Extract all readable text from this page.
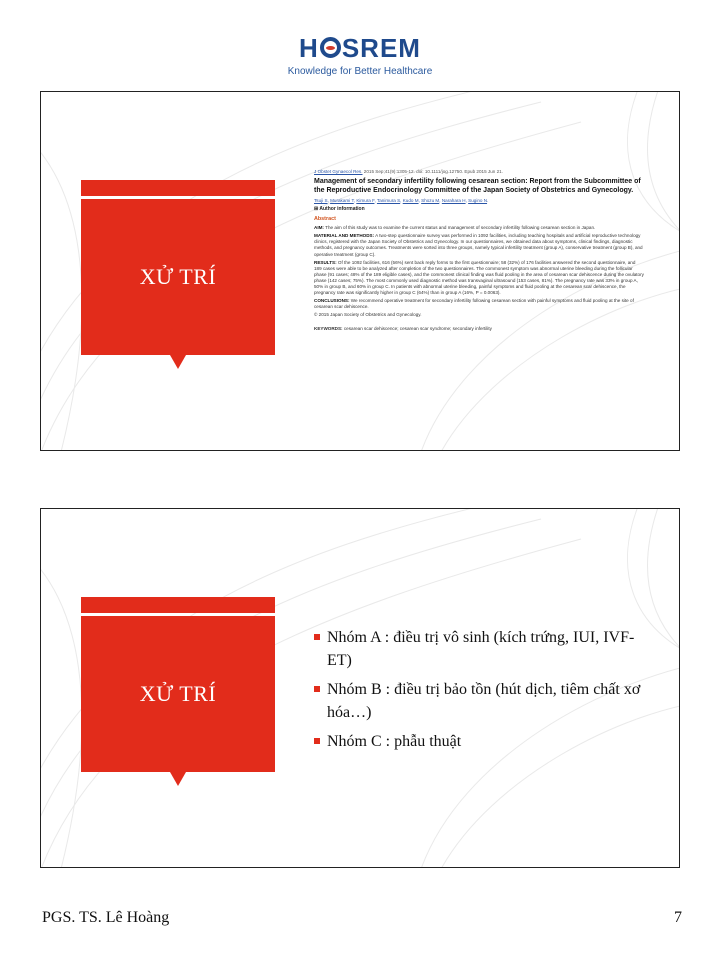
H SREM
Knowledge for Better Healthcare
XỬ TRÍ
J Obstet Gynaecol Res. 2015 Sep;41(9):1305-12. doi: 10.1111/jog.12750. Epub 2015 Jun 21.
Management of secondary infertility following cesarean section: Report from the Subcommittee of the Reproductive Endocrinology Committee of the Japan Society of Obstetrics and Gynecology.
Tsuji S, Murakami T, Kimura F, Tanimura S, Kudo M, Shozu M, Narahara H, Sugino N.
⊞ Author information
Abstract
AIM: The aim of this study was to examine the current status and management of secondary infertility following cesarean section in Japan.
MATERIAL AND METHODS: A two-step questionnaire survey was performed in 1092 facilities, including teaching hospitals and artificial reproductive technology clinics, registered with the Japan Society of Obstetrics and Gynecology. In our questionnaires, we obtained data about symptoms, clinical findings, diagnostic methods, and pregnancy outcomes. Treatments were sorted into three groups, namely typical infertility treatment (group A), conservative treatment (group B), and operative treatment (group C).
RESULTS: Of the 1092 facilities, 616 (56%) sent back reply forms to the first questionnaire; 58 (32%) of 176 facilities answered the second questionnaire, and 189 cases were able to be analyzed after completion of the two questionnaires. The commonest symptom was abnormal uterine bleeding during the follicular phase (91 cases; 48% of the 189 eligible cases), and the commonest clinical finding was fluid pooling in the area of cesarean scar dehiscence during the ovulatory phase (142 cases; 75%). The most commonly used diagnostic method was transvaginal ultrasound (153 cases, 81%). The pregnancy rate was 33% in group A, 50% in group B, and 60% in group C. In patients with abnormal uterine bleeding, painful symptoms and fluid pooling at the cesarean scar dehiscence, the pregnancy rate was significantly higher in group C (64%) than in group A (16%, P = 0.0063).
CONCLUSIONS: We recommend operative treatment for secondary infertility following cesarean section with painful symptoms and fluid pooling at the site of cesarean scar dehiscence.
© 2015 Japan Society of Obstetrics and Gynecology.
KEYWORDS: cesarean scar dehiscence; cesarean scar syndrome; secondary infertility
XỬ TRÍ
Nhóm A : điều trị vô sinh (kích trứng, IUI, IVF-ET)
Nhóm B : điều trị bảo tồn (hút dịch, tiêm chất xơ hóa…)
Nhóm C : phẫu thuật
PGS. TS. Lê Hoàng	7
